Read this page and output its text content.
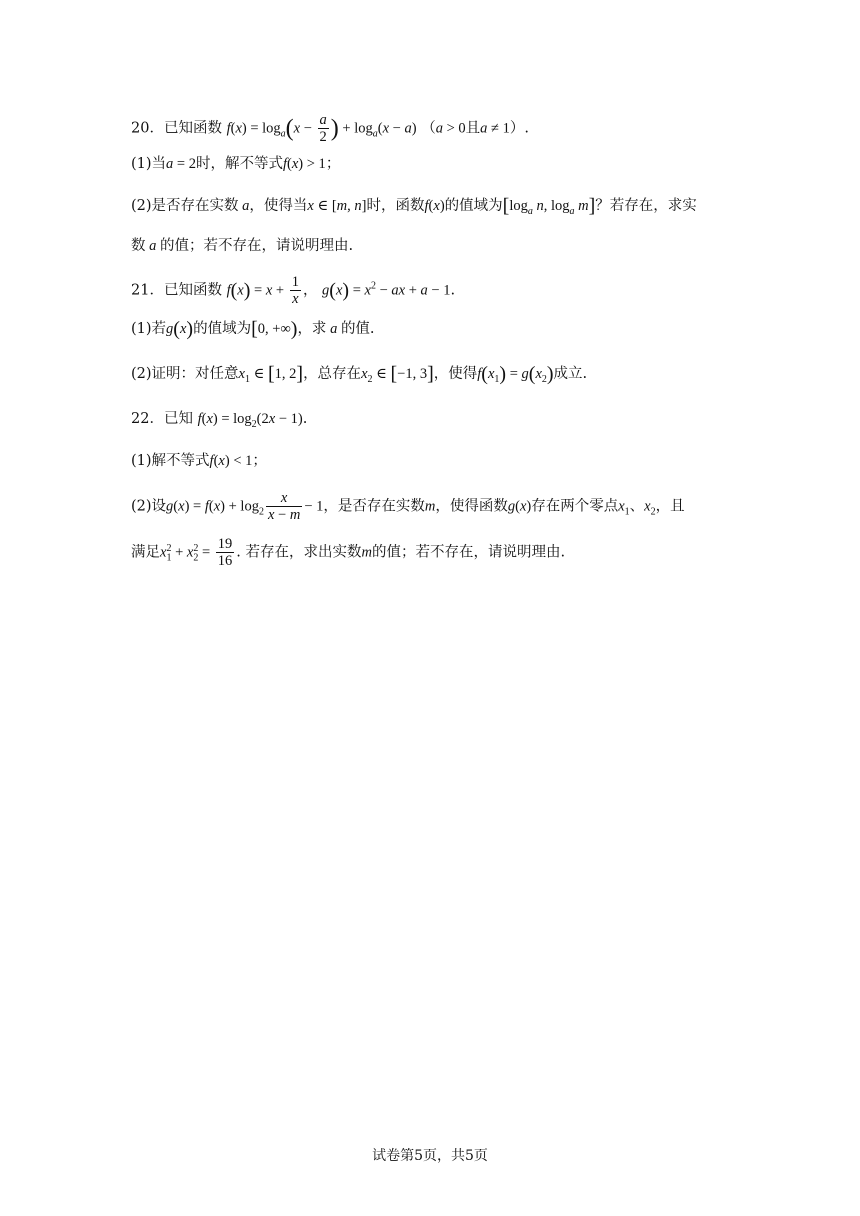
20．已知函数 $f(x) = \log_a(x - \frac{a}{2}$ ) + $\log_a(x - a) (a > 0$且a ≠ 1）.
(1)当a = 2时，解不等式f(x) > 1；
(2)是否存在实数 a，使得当x ∈ [m, n]时，函数f(x)的值域为[$\log_a$ n, $\log_a m$]？若存在，求实
数 a 的值；若不存在，请说明理由.
21．已知函数 $f(x) = x + \frac{1}{x}$ ， $g(x) = x^2$ − ax + a − 1.
(1)若g(x)的值域为[0, +∞)，求 a 的值.
(2)证明：对任意$x_1$ ∈ [1, 2]，总存在$x_2$ ∈ [−1, 3]，使得$f(x_1) = g(x_2)$成立.
22．已知 $f(x) = \log_2(2x - 1)$.
(1)解不等式f(x) < 1；
(2)设$g(x) = f(x) + \log_2 \frac{x}{x - m} - 1$，是否存在实数m，使得函数g(x)存在两个零点$x_1$、$x_2$，且
满足$x_1^2 + x_2^2 = \frac{19}{16}$ . 若存在，求出实数m的值；若不存在，请说明理由.
试卷第5页，共5页
